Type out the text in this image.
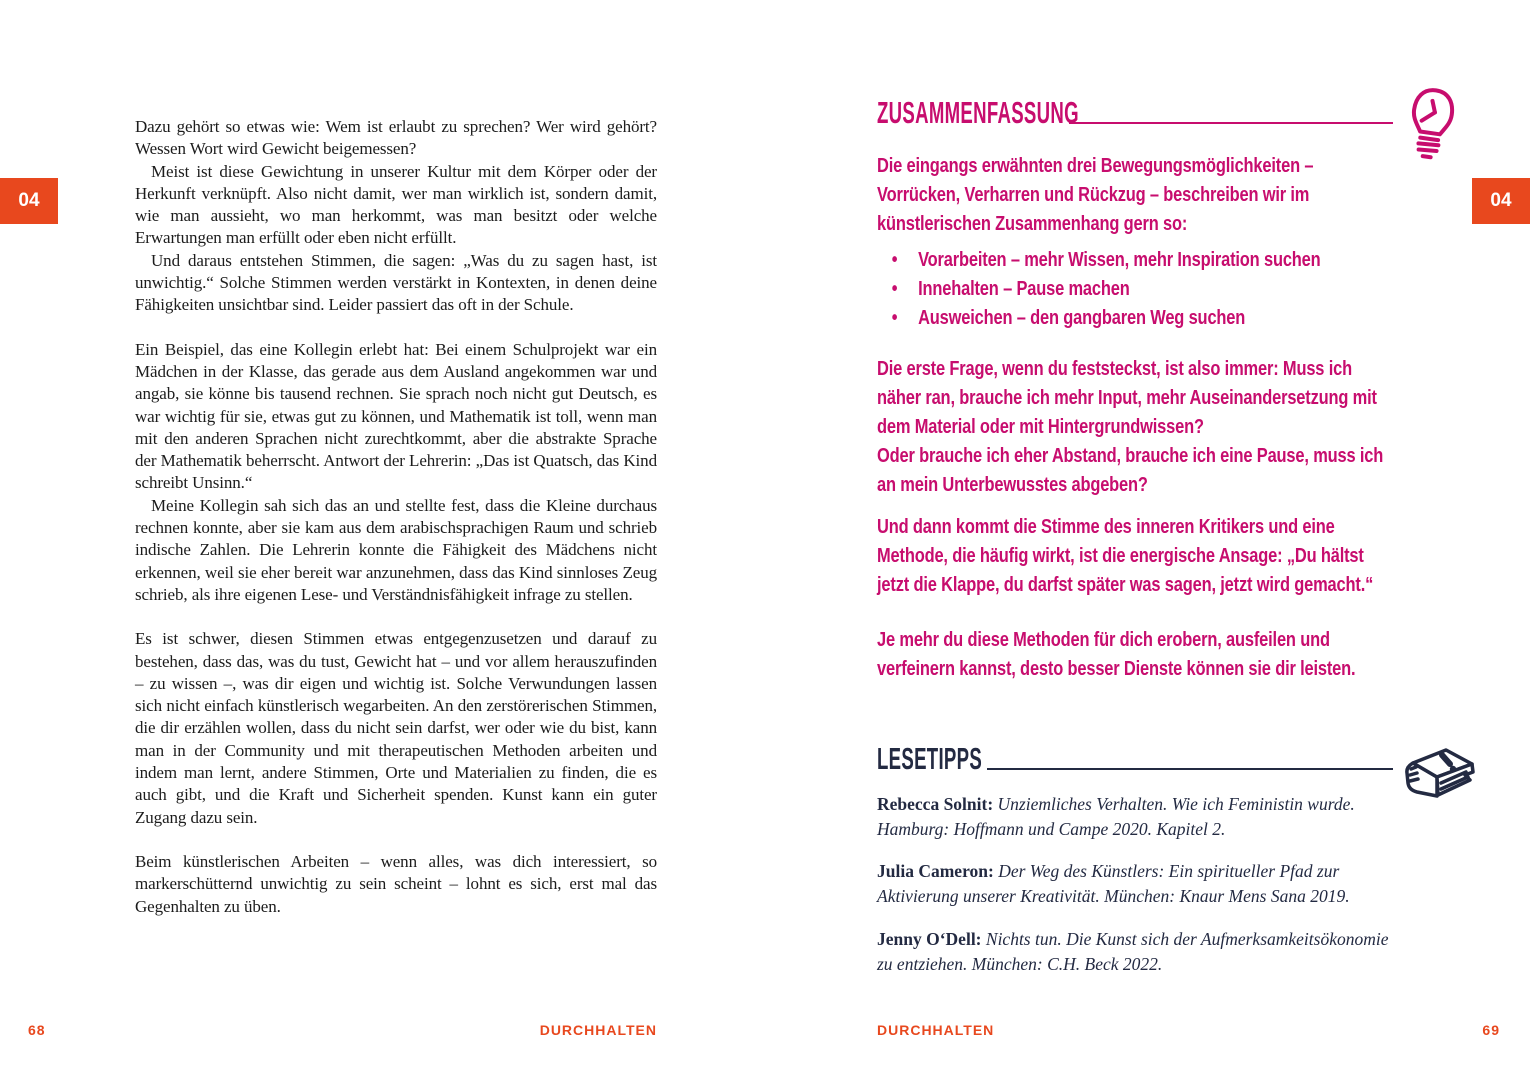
04	04

Dazu gehört so etwas wie: Wem ist erlaubt zu sprechen? Wer wird gehört? Wessen Wort wird Gewicht beigemessen?

Meist ist diese Gewichtung in unserer Kultur mit dem Körper oder der Herkunft verknüpft. Also nicht damit, wer man wirklich ist, sondern damit, wie man aussieht, wo man herkommt, was man besitzt oder welche Erwartungen man erfüllt oder eben nicht erfüllt.

Und daraus entstehen Stimmen, die sagen: „Was du zu sagen hast, ist unwichtig.“ Solche Stimmen werden verstärkt in Kontexten, in denen deine Fähigkeiten unsichtbar sind. Leider passiert das oft in der Schule.

Ein Beispiel, das eine Kollegin erlebt hat: Bei einem Schulprojekt war ein Mädchen in der Klasse, das gerade aus dem Ausland angekommen war und angab, sie könne bis tausend rechnen. Sie sprach noch nicht gut Deutsch, es war wichtig für sie, etwas gut zu können, und Mathematik ist toll, wenn man mit den anderen Sprachen nicht zurechtkommt, aber die abstrakte Sprache der Mathematik beherrscht. Antwort der Lehrerin: „Das ist Quatsch, das Kind schreibt Unsinn.“

Meine Kollegin sah sich das an und stellte fest, dass die Kleine durchaus rechnen konnte, aber sie kam aus dem arabischsprachigen Raum und schrieb indische Zahlen. Die Lehrerin konnte die Fähigkeit des Mädchens nicht erkennen, weil sie eher bereit war anzunehmen, dass das Kind sinnloses Zeug schrieb, als ihre eigenen Lese- und Verständnisfähigkeit infrage zu stellen.

Es ist schwer, diesen Stimmen etwas entgegenzusetzen und darauf zu bestehen, dass das, was du tust, Gewicht hat – und vor allem herauszufinden – zu wissen –, was dir eigen und wichtig ist. Solche Verwundungen lassen sich nicht einfach künstlerisch wegarbeiten. An den zerstörerischen Stimmen, die dir erzählen wollen, dass du nicht sein darfst, wer oder wie du bist, kann man in der Community und mit therapeutischen Methoden arbeiten und indem man lernt, andere Stimmen, Orte und Materialien zu finden, die es auch gibt, und die Kraft und Sicherheit spenden. Kunst kann ein guter Zugang dazu sein.

Beim künstlerischen Arbeiten – wenn alles, was dich interessiert, so markerschütternd unwichtig zu sein scheint – lohnt es sich, erst mal das Gegenhalten zu üben.

ZUSAMMENFASSUNG

Die eingangs erwähnten drei Bewegungsmöglichkeiten – Vorrücken, Verharren und Rückzug – beschreiben wir im künstlerischen Zusammenhang gern so:

• Vorarbeiten – mehr Wissen, mehr Inspiration suchen
• Innehalten – Pause machen
• Ausweichen – den gangbaren Weg suchen

Die erste Frage, wenn du feststeckst, ist also immer: Muss ich näher ran, brauche ich mehr Input, mehr Auseinandersetzung mit dem Material oder mit Hintergrundwissen?

Oder brauche ich eher Abstand, brauche ich eine Pause, muss ich an mein Unterbewusstes abgeben?

Und dann kommt die Stimme des inneren Kritikers und eine Methode, die häufig wirkt, ist die energische Ansage: „Du hältst jetzt die Klappe, du darfst später was sagen, jetzt wird gemacht.“

Je mehr du diese Methoden für dich erobern, ausfeilen und verfeinern kannst, desto besser Dienste können sie dir leisten.

LESETIPPS

Rebecca Solnit: Unziemliches Verhalten. Wie ich Feministin wurde. Hamburg: Hoffmann und Campe 2020. Kapitel 2.

Julia Cameron: Der Weg des Künstlers: Ein spiritueller Pfad zur Aktivierung unserer Kreativität. München: Knaur Mens Sana 2019.

Jenny O‘Dell: Nichts tun. Die Kunst sich der Aufmerksamkeitsökonomie zu entziehen. München: C.H. Beck 2022.

68	DURCHHALTEN	DURCHHALTEN	69
